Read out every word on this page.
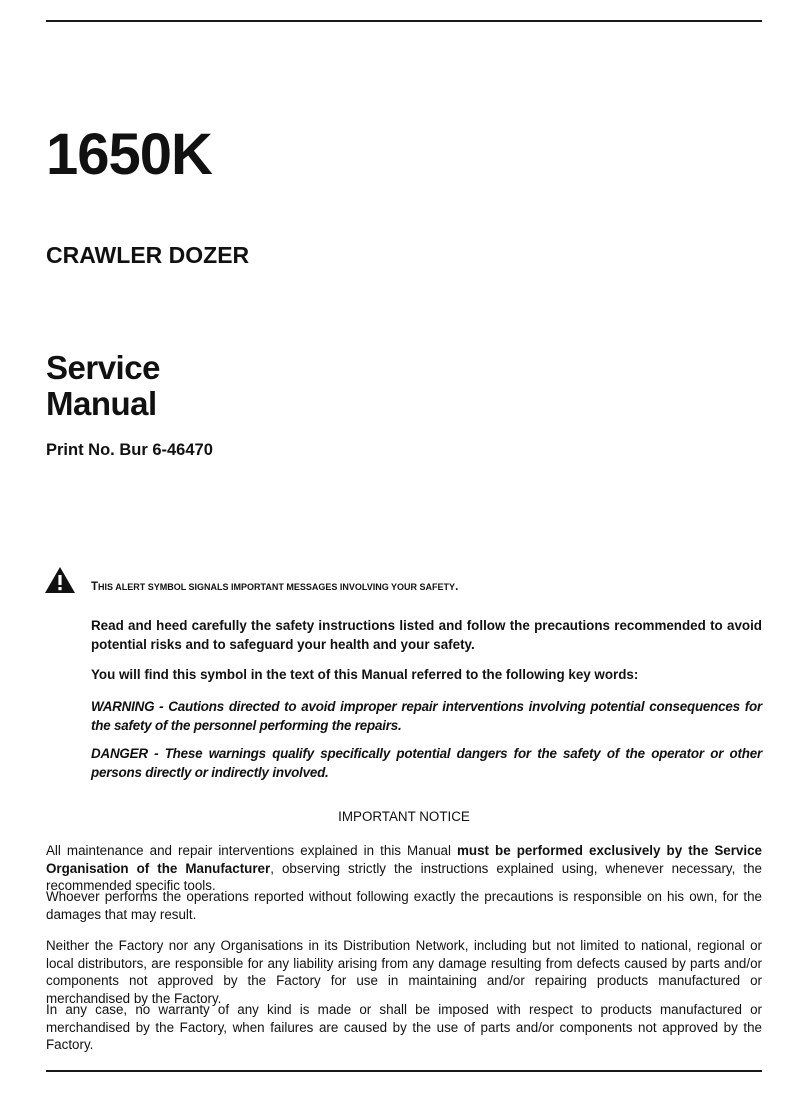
1650K
CRAWLER DOZER
Service
Manual
Print No. Bur 6-46470
THIS ALERT SYMBOL SIGNALS IMPORTANT MESSAGES INVOLVING YOUR SAFETY.
Read and heed carefully the safety instructions listed and follow the precautions recommended to avoid potential risks and to safeguard your health and your safety.
You will find this symbol in the text of this Manual referred to the following key words:
WARNING - Cautions directed to avoid improper repair interventions involving potential consequences for the safety of the personnel performing the repairs.
DANGER - These warnings qualify specifically potential dangers for the safety of the operator or other persons directly or indirectly involved.
IMPORTANT NOTICE
All maintenance and repair interventions explained in this Manual must be performed exclusively by the Service Organisation of the Manufacturer, observing strictly the instructions explained using, whenever necessary, the recommended specific tools.
Whoever performs the operations reported without following exactly the precautions is responsible on his own, for the damages that may result.
Neither the Factory nor any Organisations in its Distribution Network, including but not limited to national, regional or local distributors, are responsible for any liability arising from any damage resulting from defects caused by parts and/or components not approved by the Factory for use in maintaining and/or repairing products manufactured or merchandised by the Factory.
In any case, no warranty of any kind is made or shall be imposed with respect to products manufactured or merchandised by the Factory, when failures are caused by the use of parts and/or components not approved by the Factory.
